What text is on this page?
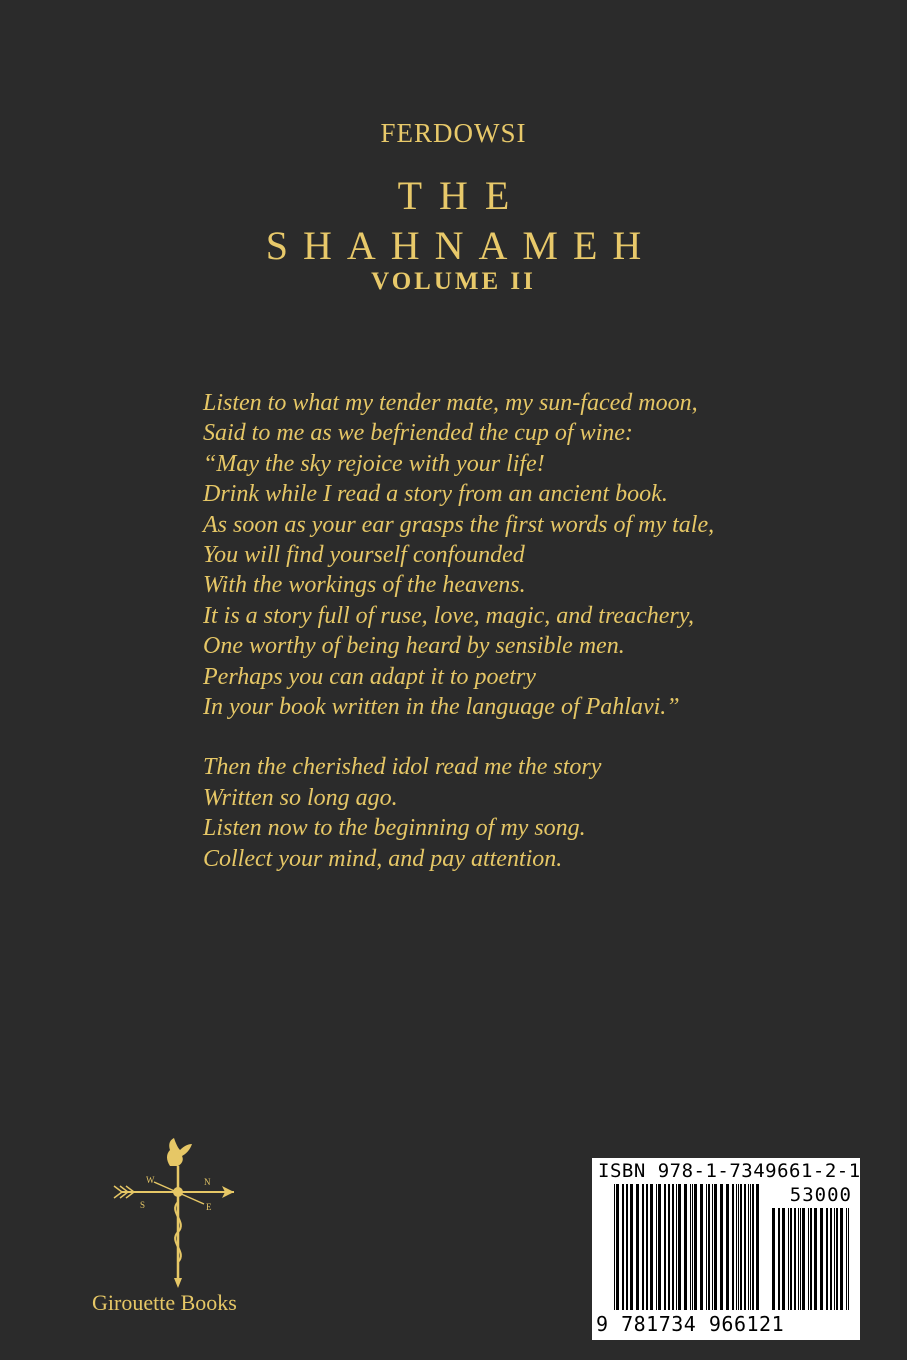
FERDOWSI
THE
SHAHNAMEH
VOLUME II
Listen to what my tender mate, my sun-faced moon,
Said to me as we befriended the cup of wine:
“May the sky rejoice with your life!
Drink while I read a story from an ancient book.
As soon as your ear grasps the first words of my tale,
You will find yourself confounded
With the workings of the heavens.
It is a story full of ruse, love, magic, and treachery,
One worthy of being heard by sensible men.
Perhaps you can adapt it to poetry
In your book written in the language of Pahlavi.”
Then the cherished idol read me the story
Written so long ago.
Listen now to the beginning of my song.
Collect your mind, and pay attention.
W	N
S	E
Girouette Books
ISBN 978-1-7349661-2-1
53000
9 781734 966121
